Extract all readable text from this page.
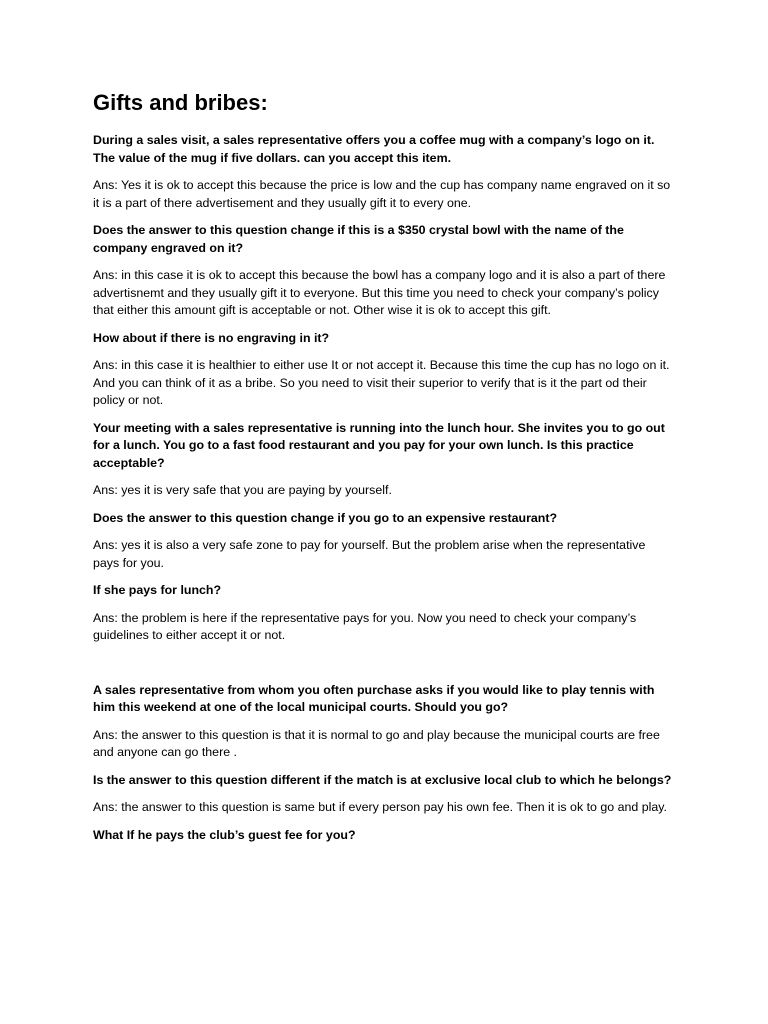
Gifts and bribes:

During a sales visit, a sales representative offers you a coffee mug with a company’s logo on it. The value of the mug if five dollars. can you accept this item.

Ans: Yes it is ok to accept this because the price is low and the cup has company name engraved on it so it is a part of there advertisement and they usually gift it to every one.

Does the answer to this question change if this is a $350 crystal bowl with the name of the company engraved on it?

Ans: in this case it is ok to accept this because the bowl has a company logo and it is also a part of there advertisnemt and they usually gift it to everyone. But this time you need to check your company’s policy that either this amount gift is acceptable or not. Other wise it is ok to accept this gift.

How about if there is no engraving in it?

Ans: in this case it is healthier to either use It or not accept it. Because this time the cup has no logo on it. And you can think of it as a bribe. So you need to visit their superior to verify that is it the part od their policy or not.

Your meeting with a sales representative is running into the lunch hour. She invites you to go out for a lunch. You go to a fast food restaurant and you pay for your own lunch. Is this practice acceptable?

Ans: yes it is very safe that you are paying by yourself.

Does the answer to this question change if you go to an expensive restaurant?

Ans: yes it is also a very safe zone to pay for yourself. But the problem arise when the representative pays for you.

If she pays for lunch?

Ans: the problem is here if the representative pays for you. Now you need to check your company’s guidelines to either accept it or not.

A sales representative from whom you often purchase asks if you would like to play tennis with him this weekend at one of the local municipal courts. Should you go?

Ans: the answer to this question is that it is normal to go and play because the municipal courts are free and anyone can go there .

Is the answer to this question different if the match is at exclusive local club to which he belongs?

Ans: the answer to this question is same but if every person pay his own fee. Then it is ok to go and play.

What If he pays the club’s guest fee for you?
